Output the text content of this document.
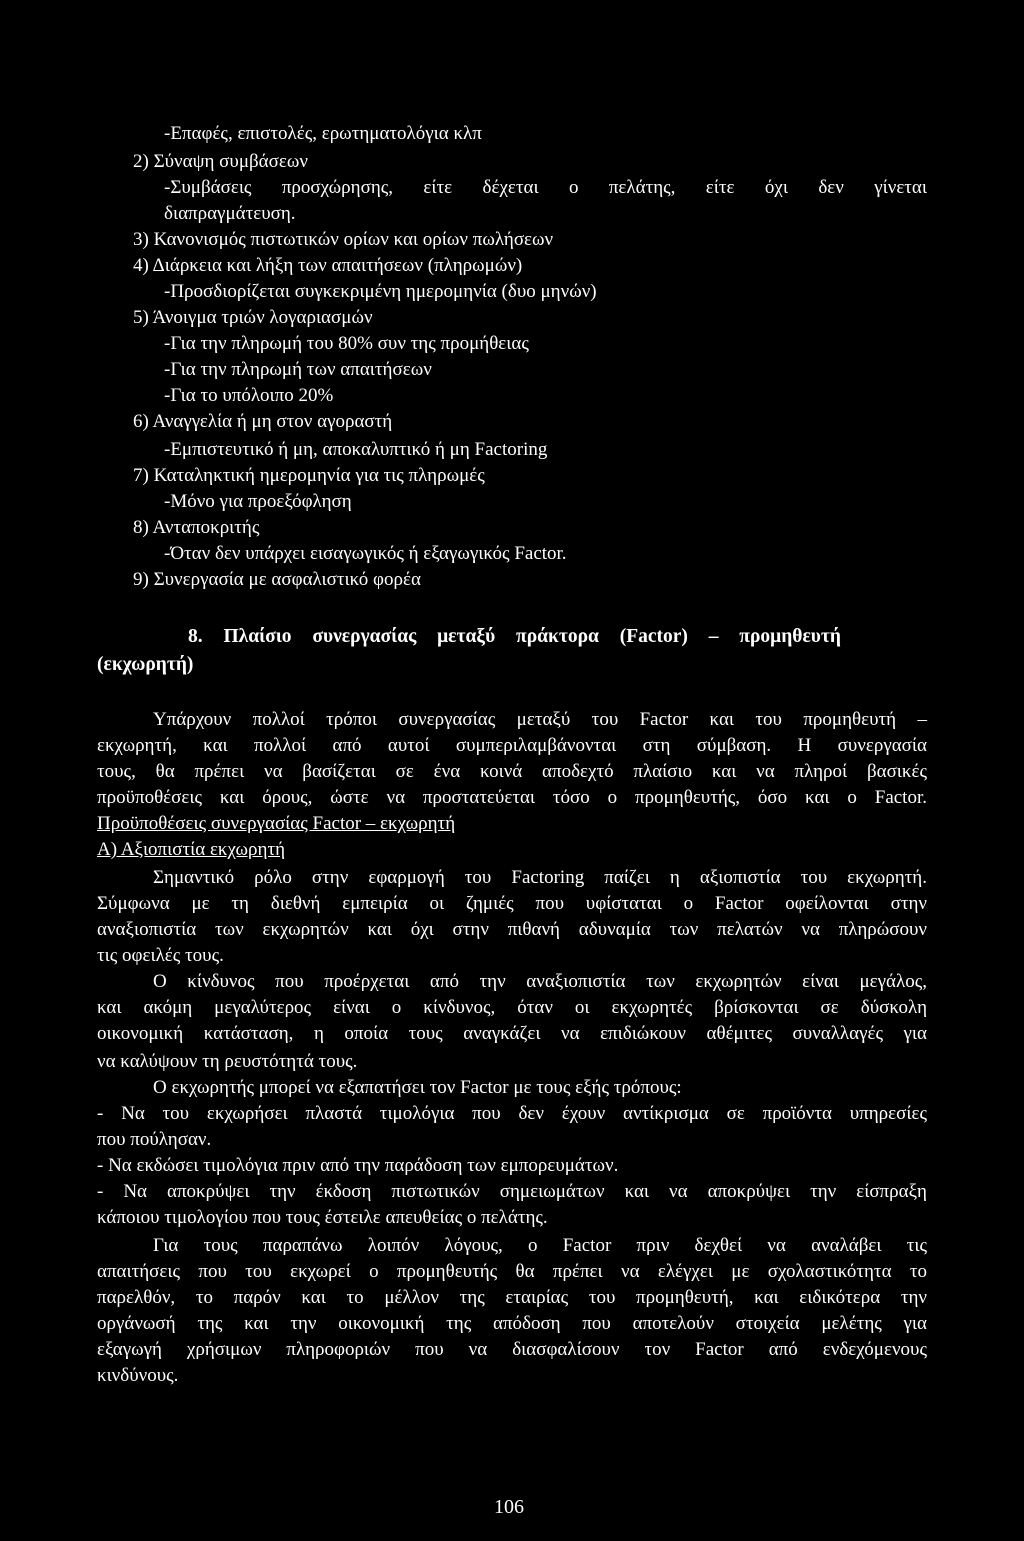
-Επαφές, επιστολές, ερωτηματολόγια κλπ
2) Σύναψη συμβάσεων
-Συμβάσεις προσχώρησης, είτε δέχεται ο πελάτης, είτε όχι δεν γίνεται
διαπραγμάτευση.
3) Κανονισμός πιστωτικών ορίων και ορίων πωλήσεων
4) Διάρκεια και λήξη των απαιτήσεων (πληρωμών)
-Προσδιορίζεται συγκεκριμένη ημερομηνία (δυο μηνών)
5) Άνοιγμα τριών λογαριασμών
-Για την πληρωμή του 80% συν της προμήθειας
-Για την πληρωμή των απαιτήσεων
-Για το υπόλοιπο 20%
6) Αναγγελία ή μη στον αγοραστή
-Εμπιστευτικό ή μη, αποκαλυπτικό ή μη Factoring
7) Καταληκτική ημερομηνία για τις πληρωμές
-Μόνο για προεξόφληση
8) Ανταποκριτής
-Όταν δεν υπάρχει εισαγωγικός ή εξαγωγικός Factor.
9) Συνεργασία με ασφαλιστικό φορέα
8. Πλαίσιο συνεργασίας μεταξύ πράκτορα (Factor) – προμηθευτή
(εκχωρητή)
Υπάρχουν πολλοί τρόποι συνεργασίας μεταξύ του Factor και του προμηθευτή –
εκχωρητή, και πολλοί από αυτοί συμπεριλαμβάνονται στη σύμβαση. Η συνεργασία
τους, θα πρέπει να βασίζεται σε ένα κοινά αποδεχτό πλαίσιο και να πληροί βασικές
προϋποθέσεις και όρους, ώστε να προστατεύεται τόσο ο προμηθευτής, όσο και ο Factor.
Προϋποθέσεις συνεργασίας Factor – εκχωρητή
Α) Αξιοπιστία εκχωρητή
Σημαντικό ρόλο στην εφαρμογή του Factoring παίζει η αξιοπιστία του εκχωρητή.
Σύμφωνα με τη διεθνή εμπειρία οι ζημιές που υφίσταται ο Factor οφείλονται στην
αναξιοπιστία των εκχωρητών και όχι στην πιθανή αδυναμία των πελατών να πληρώσουν
τις οφειλές τους.
Ο κίνδυνος που προέρχεται από την αναξιοπιστία των εκχωρητών είναι μεγάλος,
και ακόμη μεγαλύτερος είναι ο κίνδυνος, όταν οι εκχωρητές βρίσκονται σε δύσκολη
οικονομική κατάσταση, η οποία τους αναγκάζει να επιδιώκουν αθέμιτες συναλλαγές για
να καλύψουν τη ρευστότητά τους.
Ο εκχωρητής μπορεί να εξαπατήσει τον Factor με τους εξής τρόπους:
- Να του εκχωρήσει πλαστά τιμολόγια που δεν έχουν αντίκρισμα σε προϊόντα υπηρεσίες
που πούλησαν.
- Να εκδώσει τιμολόγια πριν από την παράδοση των εμπορευμάτων.
- Να αποκρύψει την έκδοση πιστωτικών σημειωμάτων και να αποκρύψει την είσπραξη
κάποιου τιμολογίου που τους έστειλε απευθείας ο πελάτης.
Για τους παραπάνω λοιπόν λόγους, ο Factor πριν δεχθεί να αναλάβει τις
απαιτήσεις που του εκχωρεί ο προμηθευτής θα πρέπει να ελέγχει με σχολαστικότητα το
παρελθόν, το παρόν και το μέλλον της εταιρίας του προμηθευτή, και ειδικότερα την
οργάνωσή της και την οικονομική της απόδοση που αποτελούν στοιχεία μελέτης για
εξαγωγή χρήσιμων πληροφοριών που να διασφαλίσουν τον Factor από ενδεχόμενους
κινδύνους.
106
